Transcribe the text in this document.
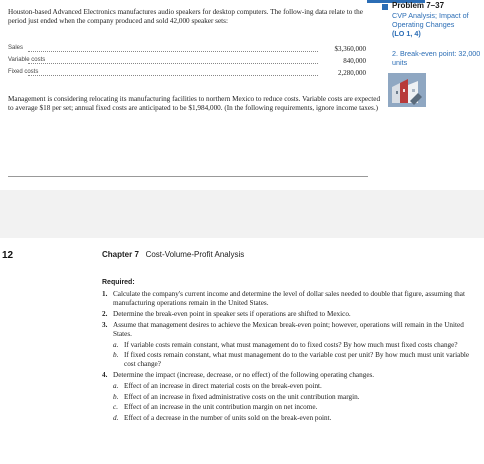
Problem 7–37
CVP Analysis; Impact of Operating Changes
(LO 1, 4)
2. Break-even point: 32,000 units
Houston-based Advanced Electronics manufactures audio speakers for desktop computers. The follow-ing data relate to the period just ended when the company produced and sold 42,000 speaker sets:
Sales	$3,360,000
Variable costs	840,000
Fixed costs	2,280,000
Management is considering relocating its manufacturing facilities to northern Mexico to reduce costs. Variable costs are expected to average $18 per set; annual fixed costs are anticipated to be $1,984,000. (In the following requirements, ignore income taxes.)
12	Chapter 7 Cost-Volume-Profit Analysis
Required:
1. Calculate the company's current income and determine the level of dollar sales needed to double that figure, assuming that manufacturing operations remain in the United States.
2. Determine the break-even point in speaker sets if operations are shifted to Mexico.
3. Assume that management desires to achieve the Mexican break-even point; however, operations will remain in the United States.
a. If variable costs remain constant, what must management do to fixed costs? By how much must fixed costs change?
b. If fixed costs remain constant, what must management do to the variable cost per unit? By how much must unit variable cost change?
4. Determine the impact (increase, decrease, or no effect) of the following operating changes.
a. Effect of an increase in direct material costs on the break-even point.
b. Effect of an increase in fixed administrative costs on the unit contribution margin.
c. Effect of an increase in the unit contribution margin on net income.
d. Effect of a decrease in the number of units sold on the break-even point.
